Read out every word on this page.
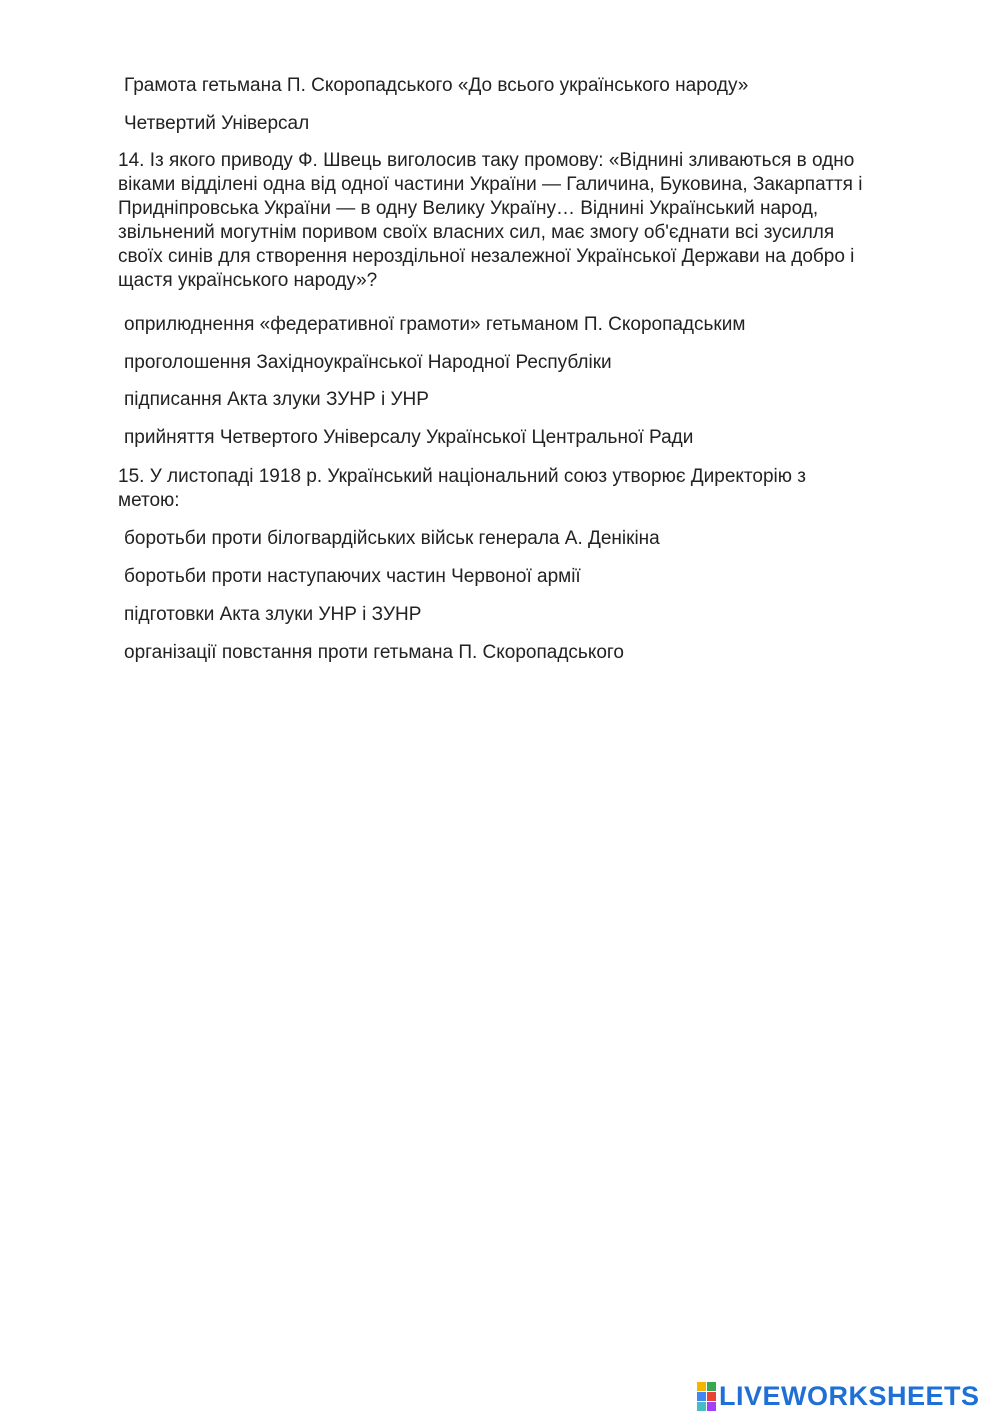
Грамота гетьмана П. Скоропадського «До всього українського народу»
Четвертий Універсал
14. Із якого приводу Ф. Швець виголосив таку промову: «Віднині зливаються в одно
віками відділені одна від одної частини України — Галичина, Буковина, Закарпаття і
Придніпровська України — в одну Велику Україну… Віднині Український народ,
звільнений могутнім поривом своїх власних сил, має змогу об'єднати всі зусилля
своїх синів для створення нероздільної незалежної Української Держави на добро і
щастя українського народу»?
оприлюднення «федеративної грамоти» гетьманом П. Скоропадським
проголошення Західноукраїнської Народної Республіки
підписання Акта злуки ЗУНР і УНР
прийняття Четвертого Універсалу Української Центральної Ради
15. У листопаді 1918 р. Український національний союз утворює Директорію з
метою:
боротьби проти білогвардійських військ генерала А. Денікіна
боротьби проти наступаючих частин Червоної армії
підготовки Акта злуки УНР і ЗУНР
організації повстання проти гетьмана П. Скоропадського
LIVEWORKSHEETS
